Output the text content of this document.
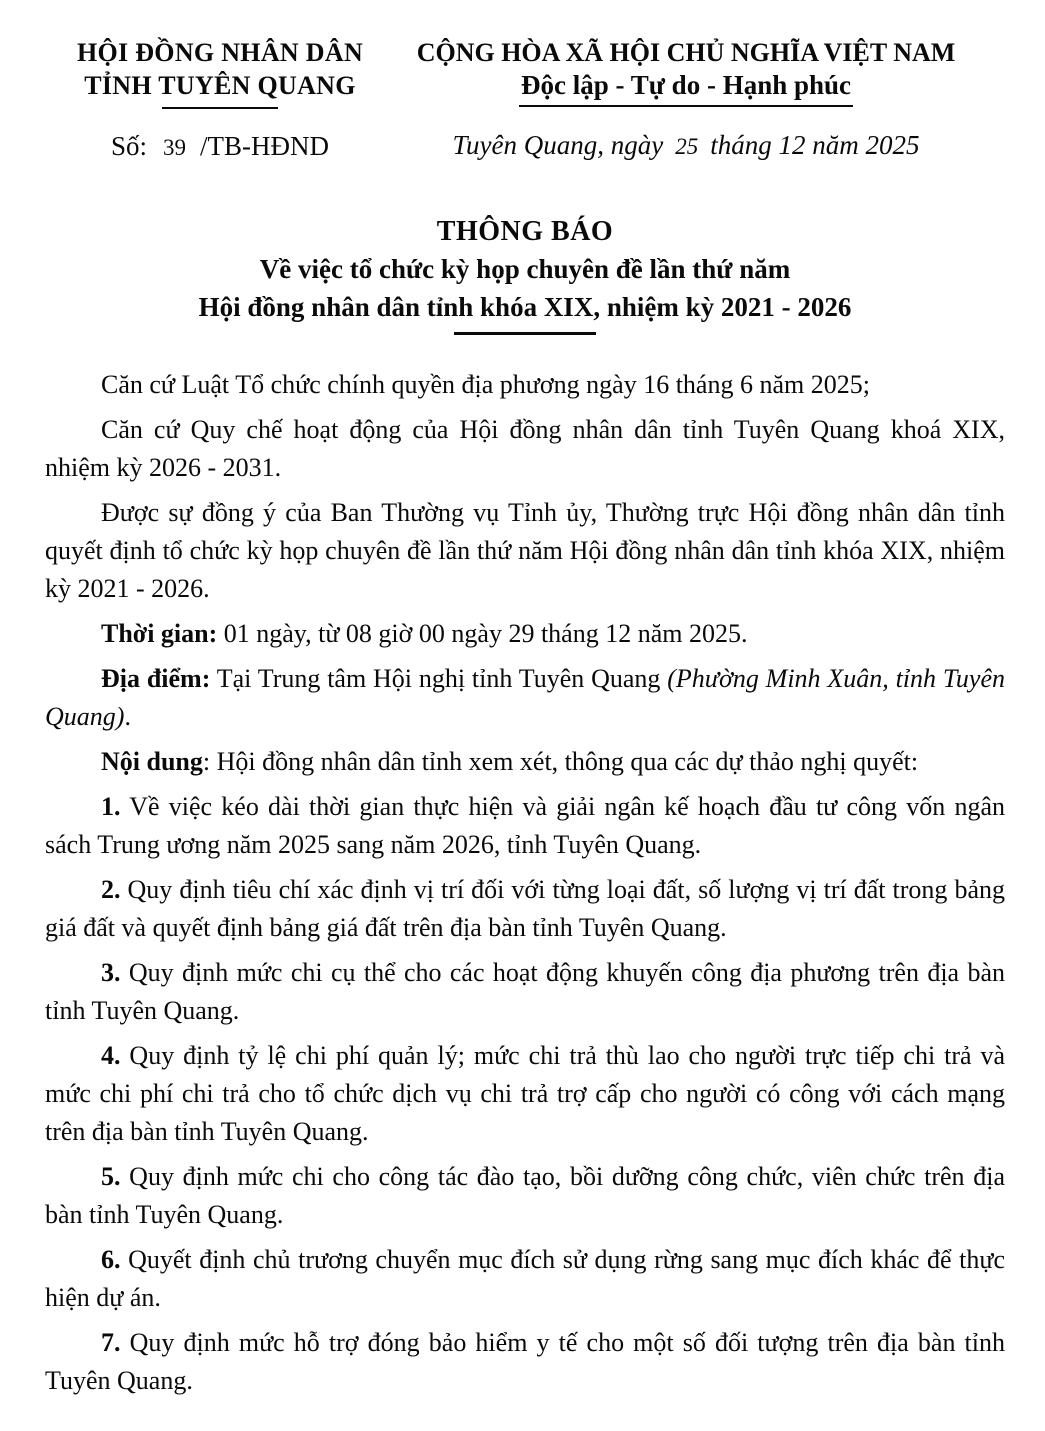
HỘI ĐỒNG NHÂN DÂN
TỈNH TUYÊN QUANG
Số: 39 /TB-HĐND
CỘNG HÒA XÃ HỘI CHỦ NGHĨA VIỆT NAM
Độc lập - Tự do - Hạnh phúc
Tuyên Quang, ngày 25 tháng 12 năm 2025
THÔNG BÁO
Về việc tổ chức kỳ họp chuyên đề lần thứ năm
Hội đồng nhân dân tỉnh khóa XIX, nhiệm kỳ 2021 - 2026

Căn cứ Luật Tổ chức chính quyền địa phương ngày 16 tháng 6 năm 2025;

Căn cứ Quy chế hoạt động của Hội đồng nhân dân tỉnh Tuyên Quang khoá XIX, nhiệm kỳ 2026 - 2031.

Được sự đồng ý của Ban Thường vụ Tỉnh ủy, Thường trực Hội đồng nhân dân tỉnh quyết định tổ chức kỳ họp chuyên đề lần thứ năm Hội đồng nhân dân tỉnh khóa XIX, nhiệm kỳ 2021 - 2026.

Thời gian: 01 ngày, từ 08 giờ 00 ngày 29 tháng 12 năm 2025.

Địa điểm: Tại Trung tâm Hội nghị tỉnh Tuyên Quang (Phường Minh Xuân, tỉnh Tuyên Quang).

Nội dung: Hội đồng nhân dân tỉnh xem xét, thông qua các dự thảo nghị quyết:

1. Về việc kéo dài thời gian thực hiện và giải ngân kế hoạch đầu tư công vốn ngân sách Trung ương năm 2025 sang năm 2026, tỉnh Tuyên Quang.

2. Quy định tiêu chí xác định vị trí đối với từng loại đất, số lượng vị trí đất trong bảng giá đất và quyết định bảng giá đất trên địa bàn tỉnh Tuyên Quang.

3. Quy định mức chi cụ thể cho các hoạt động khuyến công địa phương trên địa bàn tỉnh Tuyên Quang.

4. Quy định tỷ lệ chi phí quản lý; mức chi trả thù lao cho người trực tiếp chi trả và mức chi phí chi trả cho tổ chức dịch vụ chi trả trợ cấp cho người có công với cách mạng trên địa bàn tỉnh Tuyên Quang.

5. Quy định mức chi cho công tác đào tạo, bồi dưỡng công chức, viên chức trên địa bàn tỉnh Tuyên Quang.

6. Quyết định chủ trương chuyển mục đích sử dụng rừng sang mục đích khác để thực hiện dự án.

7. Quy định mức hỗ trợ đóng bảo hiểm y tế cho một số đối tượng trên địa bàn tỉnh Tuyên Quang.
